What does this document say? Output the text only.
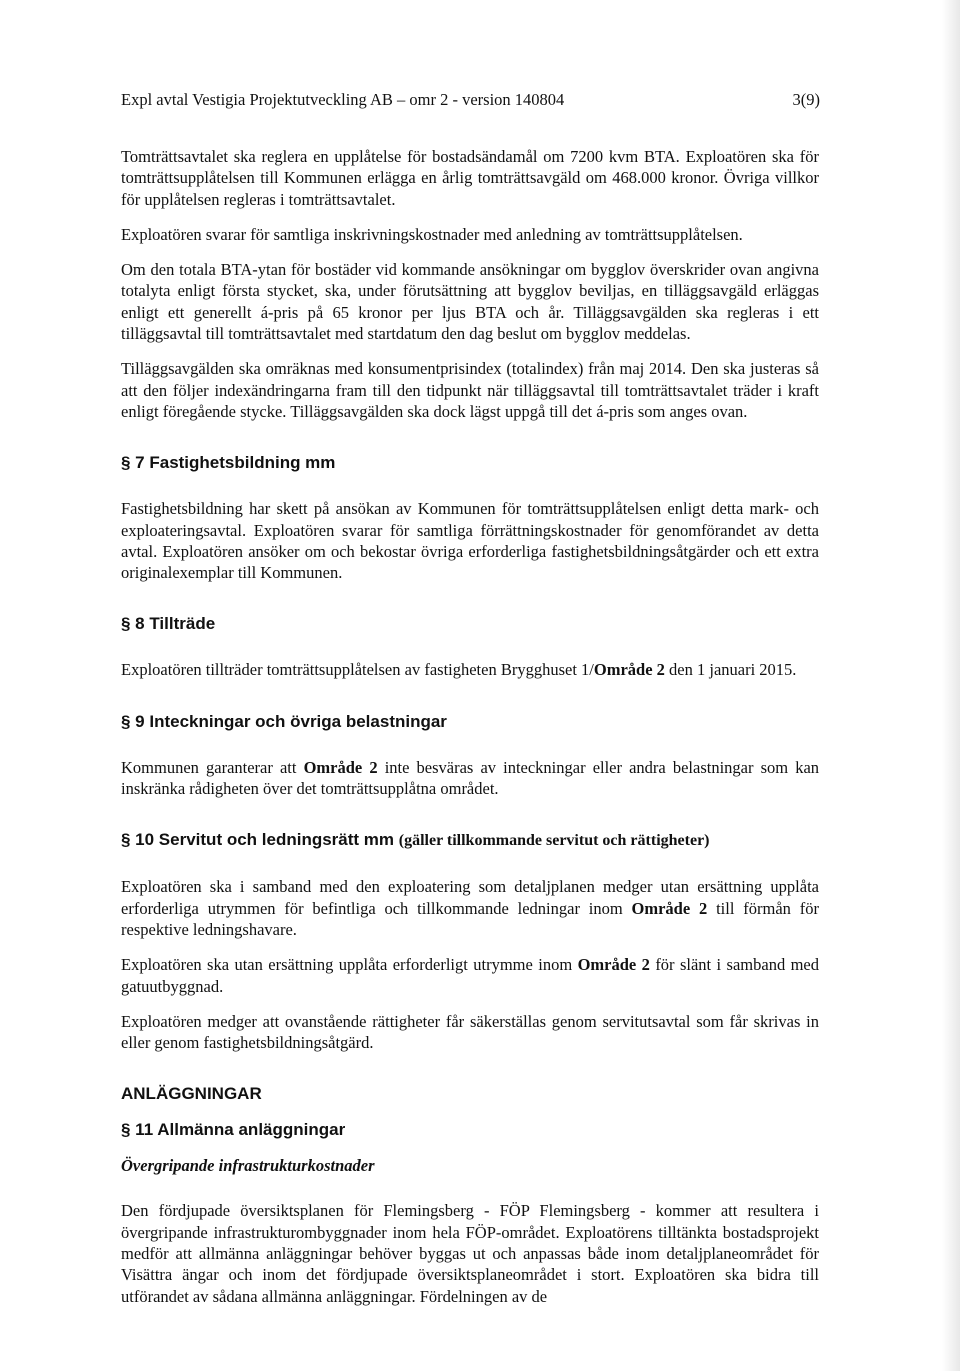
Expl avtal Vestigia Projektutveckling AB – omr 2 - version 140804	3(9)

Tomträttsavtalet ska reglera en upplåtelse för bostadsändamål om 7200 kvm BTA. Exploatören ska för tomträttsupplåtelsen till Kommunen erlägga en årlig tomträttsavgäld om 468.000 kronor. Övriga villkor för upplåtelsen regleras i tomträttsavtalet.

Exploatören svarar för samtliga inskrivningskostnader med anledning av tomträttsupplåtelsen.

Om den totala BTA-ytan för bostäder vid kommande ansökningar om bygglov överskrider ovan angivna totalyta enligt första stycket, ska, under förutsättning att bygglov beviljas, en tilläggsavgäld erläggas enligt ett generellt á-pris på 65 kronor per ljus BTA och år. Tilläggsavgälden ska regleras i ett tilläggsavtal till tomträttsavtalet med startdatum den dag beslut om bygglov meddelas.

Tilläggsavgälden ska omräknas med konsumentprisindex (totalindex) från maj 2014. Den ska justeras så att den följer indexändringarna fram till den tidpunkt när tilläggsavtal till tomträttsavtalet träder i kraft enligt föregående stycke. Tilläggsavgälden ska dock lägst uppgå till det á-pris som anges ovan.

§ 7 Fastighetsbildning mm

Fastighetsbildning har skett på ansökan av Kommunen för tomträttsupplåtelsen enligt detta mark- och exploateringsavtal. Exploatören svarar för samtliga förrättningskostnader för genomförandet av detta avtal. Exploatören ansöker om och bekostar övriga erforderliga fastighetsbildningsåtgärder och ett extra originalexemplar till Kommunen.

§ 8 Tillträde

Exploatören tillträder tomträttsupplåtelsen av fastigheten Brygghuset 1/Område 2 den 1 januari 2015.

§ 9 Inteckningar och övriga belastningar

Kommunen garanterar att Område 2 inte besväras av inteckningar eller andra belastningar som kan inskränka rådigheten över det tomträttsupplåtna området.

§ 10 Servitut och ledningsrätt mm (gäller tillkommande servitut och rättigheter)

Exploatören ska i samband med den exploatering som detaljplanen medger utan ersättning upplåta erforderliga utrymmen för befintliga och tillkommande ledningar inom Område 2 till förmån för respektive ledningshavare.

Exploatören ska utan ersättning upplåta erforderligt utrymme inom Område 2 för slänt i samband med gatuutbyggnad.

Exploatören medger att ovanstående rättigheter får säkerställas genom servitutsavtal som får skrivas in eller genom fastighetsbildningsåtgärd.

ANLÄGGNINGAR
§ 11 Allmänna anläggningar

Övergripande infrastrukturkostnader

Den fördjupade översiktsplanen för Flemingsberg - FÖP Flemingsberg - kommer att resultera i övergripande infrastrukturombyggnader inom hela FÖP-området. Exploatörens tilltänkta bostadsprojekt medför att allmänna anläggningar behöver byggas ut och anpassas både inom detaljplaneområdet för Visättra ängar och inom det fördjupade översiktsplaneområdet i stort. Exploatören ska bidra till utförandet av sådana allmänna anläggningar. Fördelningen av de
